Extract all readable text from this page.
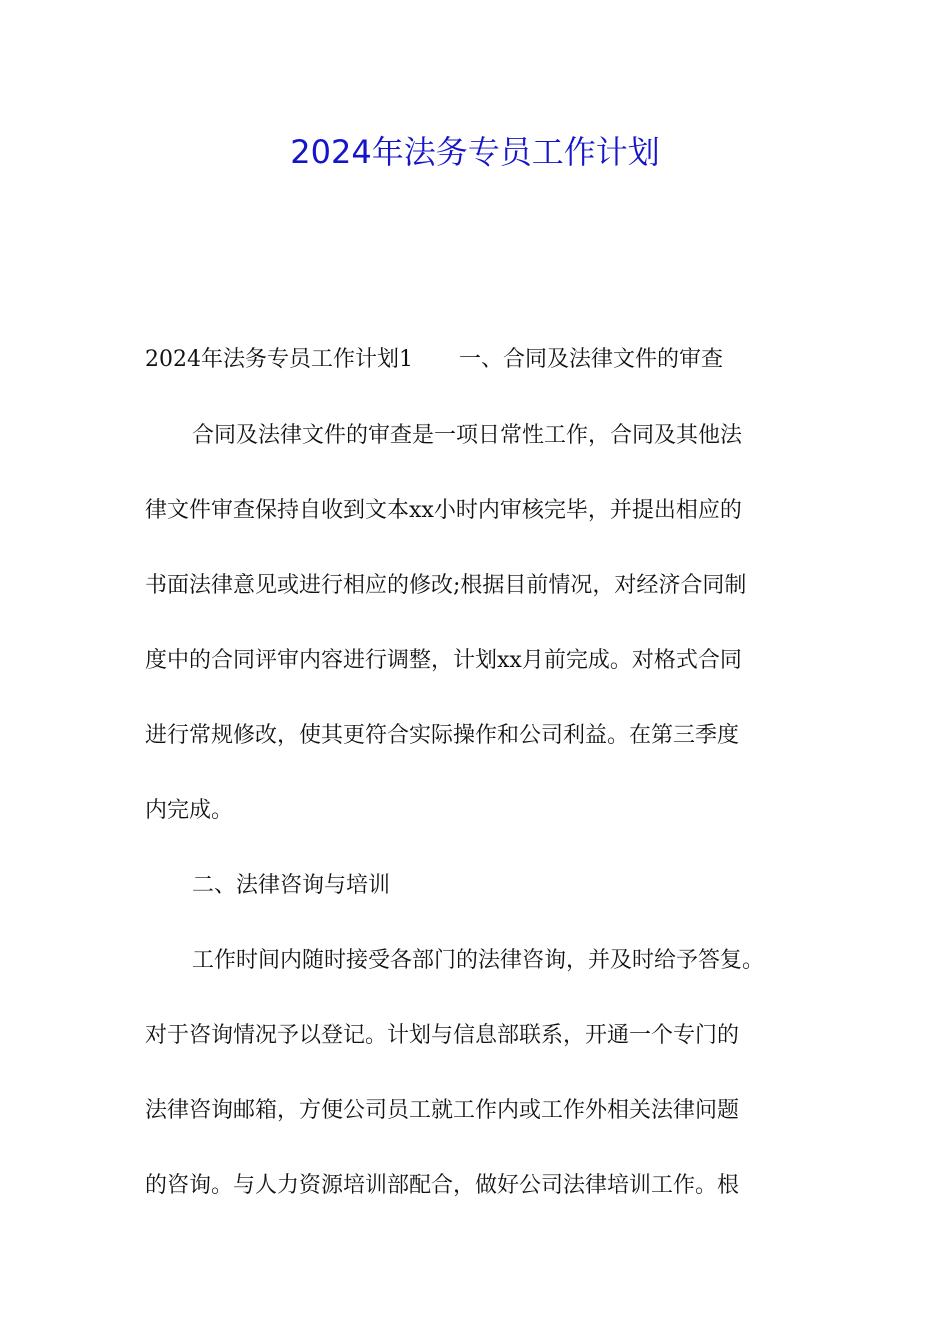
2024年法务专员工作计划
2024年法务专员工作计划1 一、合同及法律文件的审查
合同及法律文件的审查是一项日常性工作，合同及其他法
律文件审查保持自收到文本xx小时内审核完毕，并提出相应的
书面法律意见或进行相应的修改;根据目前情况，对经济合同制
度中的合同评审内容进行调整，计划xx月前完成。对格式合同
进行常规修改，使其更符合实际操作和公司利益。在第三季度
内完成。
二、法律咨询与培训
工作时间内随时接受各部门的法律咨询，并及时给予答复。
对于咨询情况予以登记。计划与信息部联系，开通一个专门的
法律咨询邮箱，方便公司员工就工作内或工作外相关法律问题
的咨询。与人力资源培训部配合，做好公司法律培训工作。根
